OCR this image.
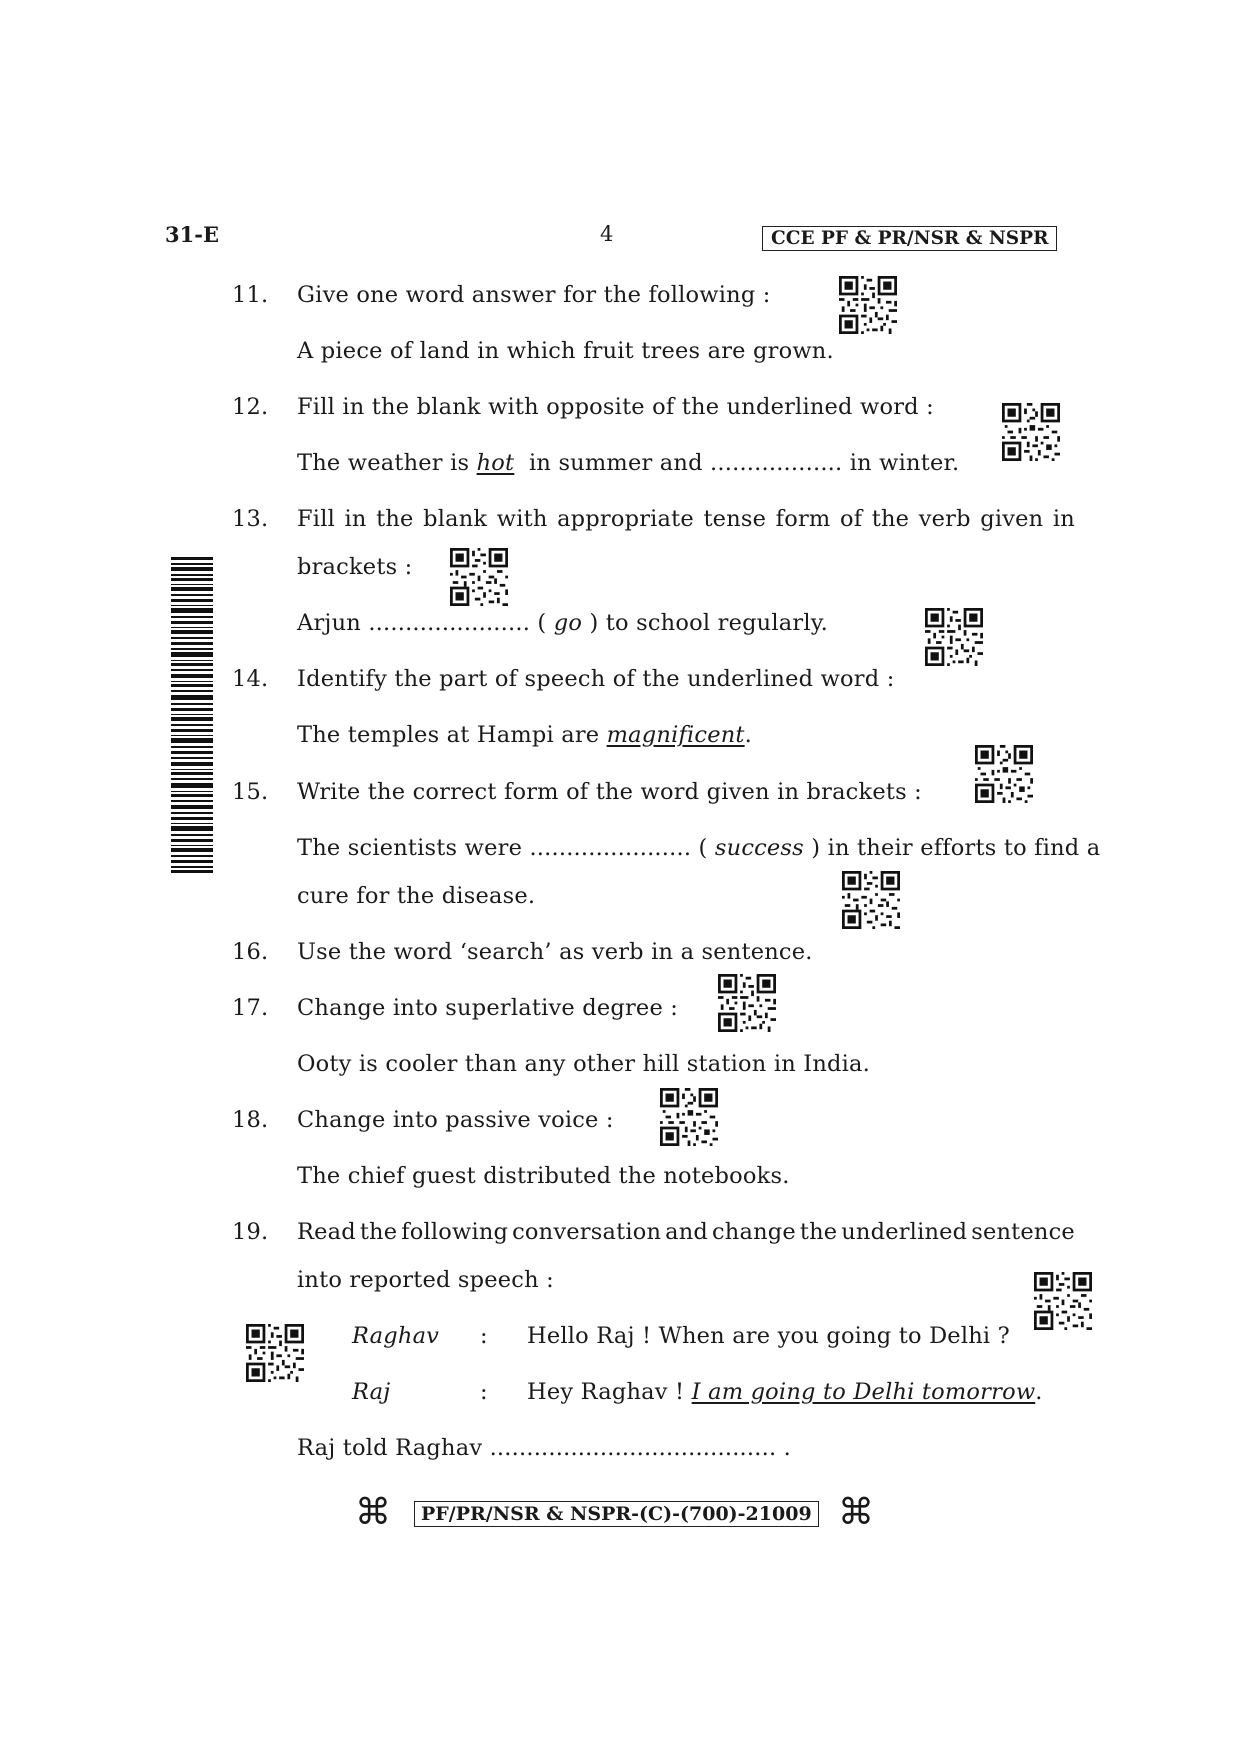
31-E	4	CCE PF & PR/NSR & NSPR
11. Give one word answer for the following :
A piece of land in which fruit trees are grown.
12. Fill in the blank with opposite of the underlined word :
The weather is hot  in summer and .................. in winter.
13. Fill in the blank with appropriate tense form of the verb given in
brackets :
Arjun ...................... ( go ) to school regularly.
14. Identify the part of speech of the underlined word :
The temples at Hampi are magnificent.
15. Write the correct form of the word given in brackets :
The scientists were ...................... ( success ) in their efforts to find a
cure for the disease.
16. Use the word ‘search’ as verb in a sentence.
17. Change into superlative degree :
Ooty is cooler than any other hill station in India.
18. Change into passive voice :
The chief guest distributed the notebooks.
19. Read the following conversation and change the underlined sentence
into reported speech :
Raghav : Hello Raj ! When are you going to Delhi ?
Raj	: Hey Raghav ! I am going to Delhi tomorrow.
Raj told Raghav ....................................... .
⌘	PF/PR/NSR & NSPR-(C)-(700)-21009 ⌘
